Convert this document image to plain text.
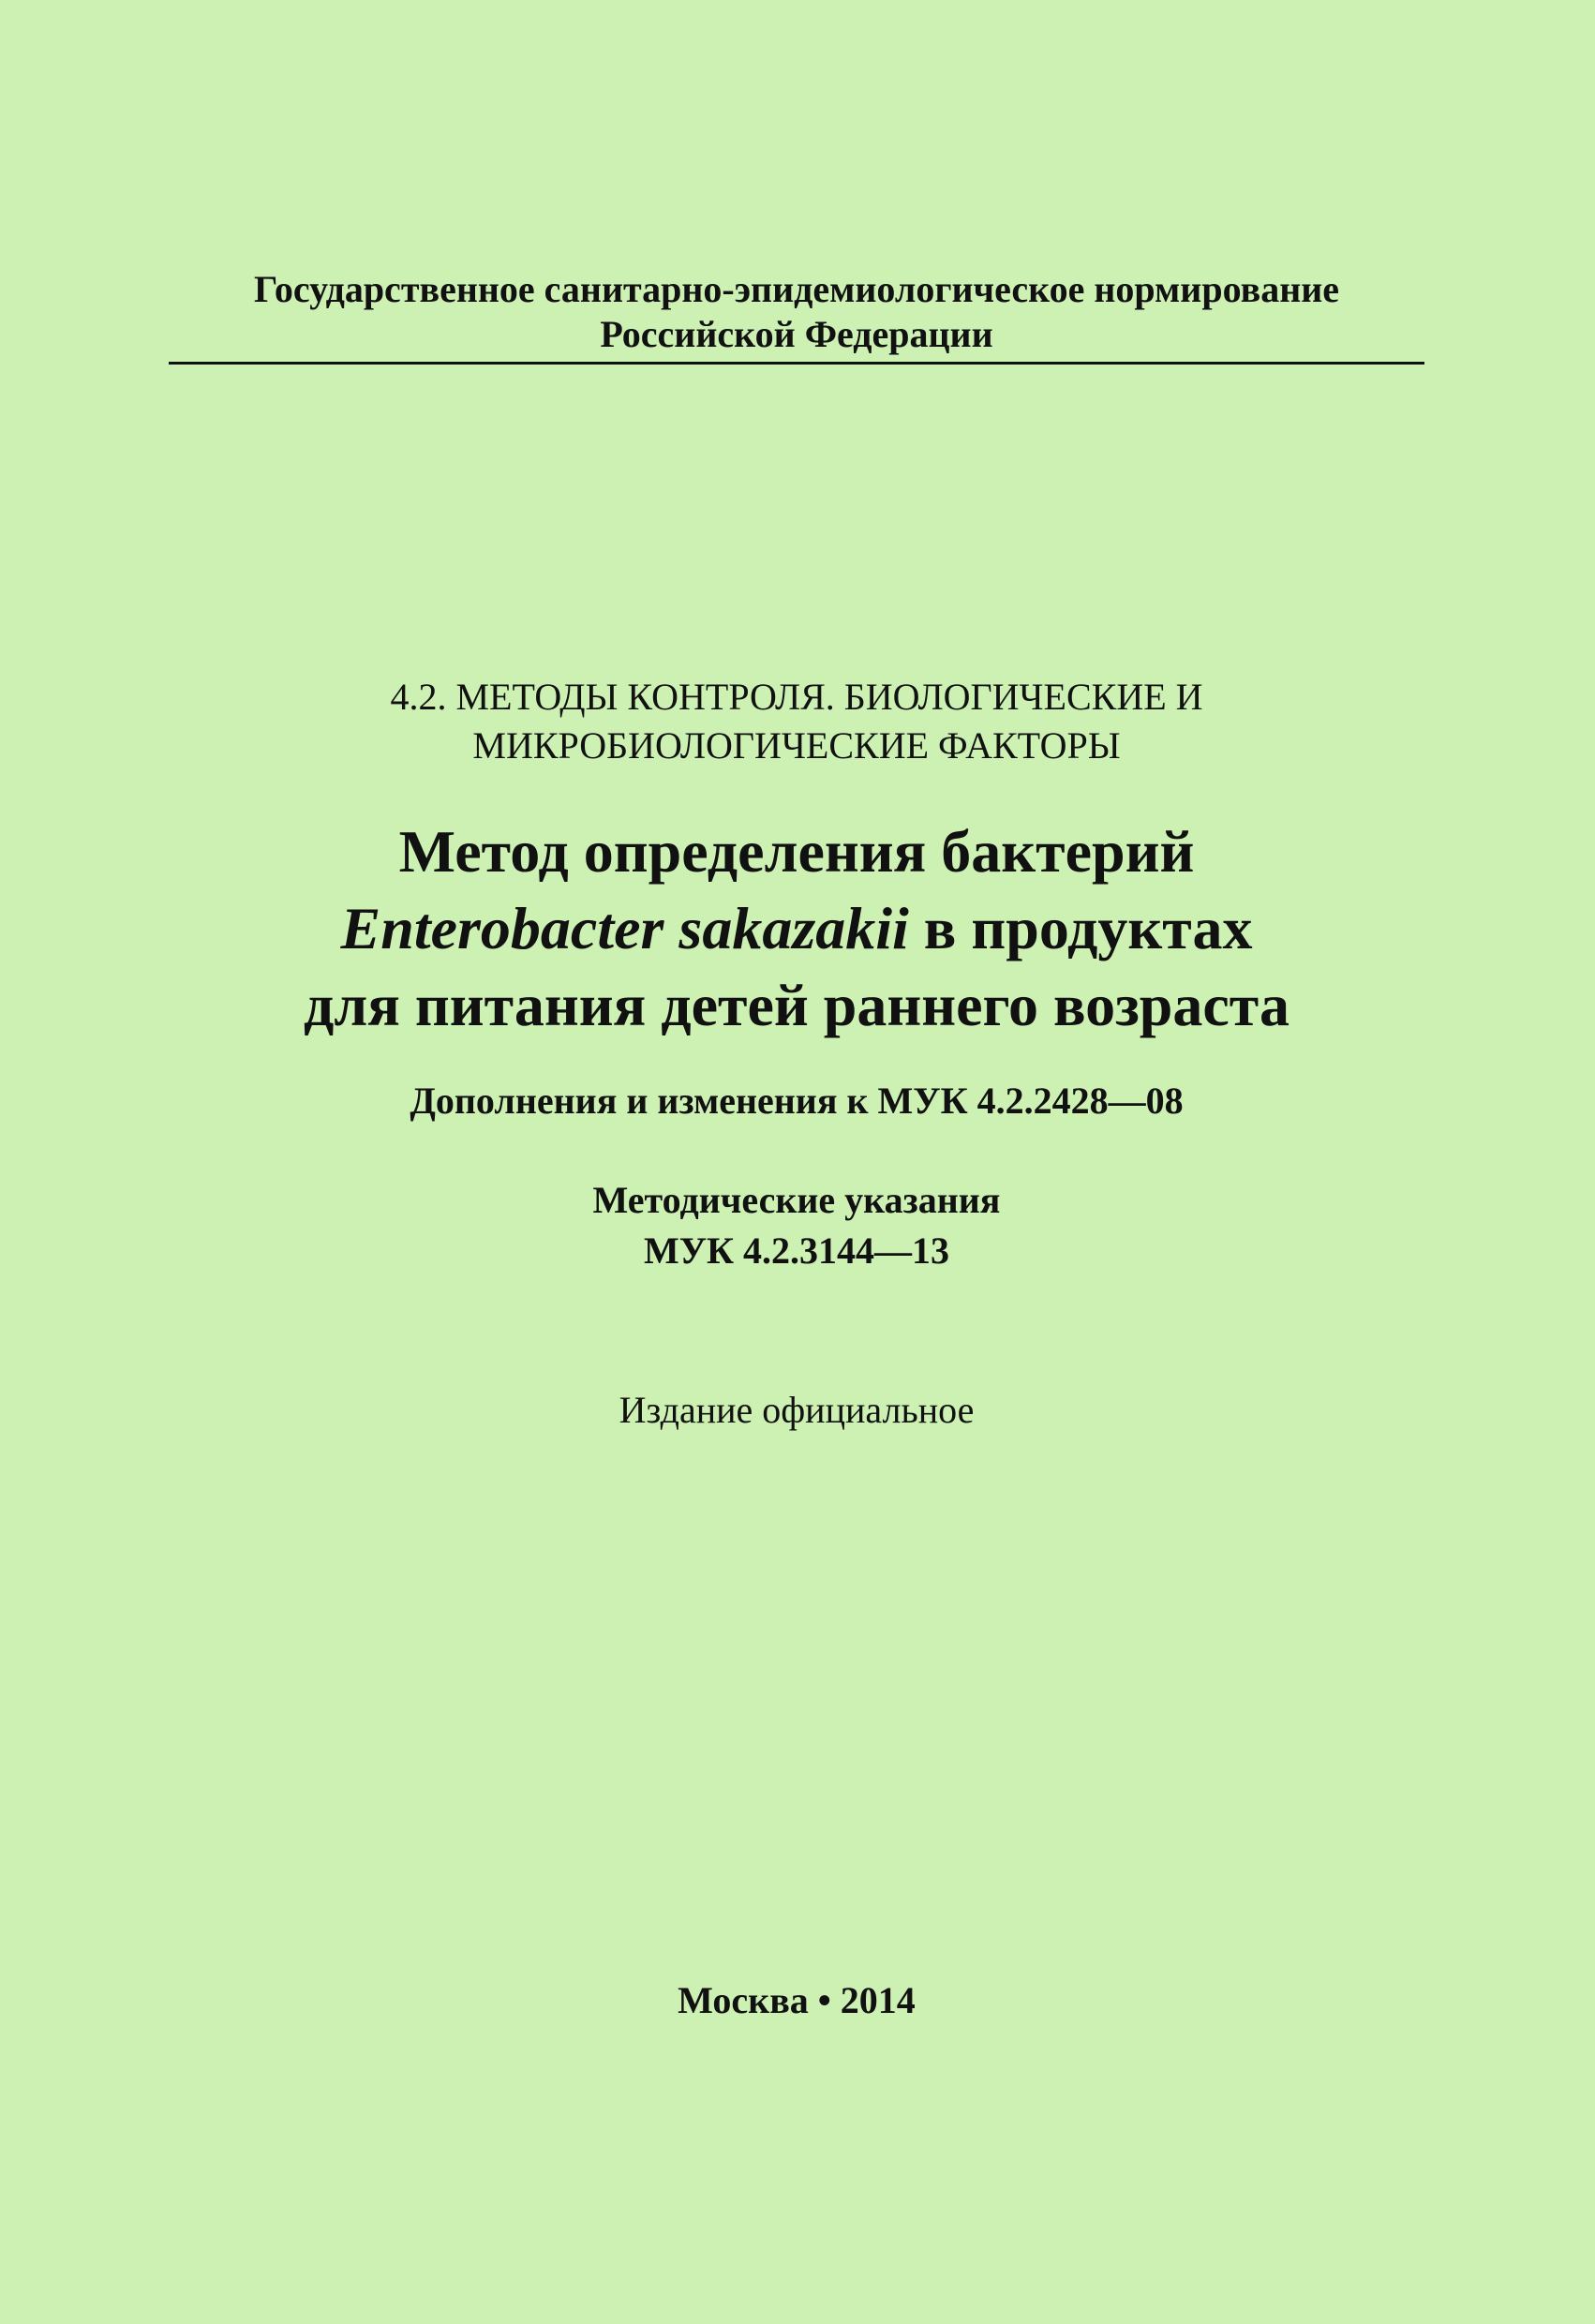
Государственное санитарно-эпидемиологическое нормирование
Российской Федерации
4.2. МЕТОДЫ КОНТРОЛЯ. БИОЛОГИЧЕСКИЕ И
МИКРОБИОЛОГИЧЕСКИЕ ФАКТОРЫ
Метод определения бактерий
Enterobacter sakazakii в продуктах
для питания детей раннего возраста
Дополнения и изменения к МУК 4.2.2428—08
Методические указания
МУК 4.2.3144—13
Издание официальное
Москва • 2014
